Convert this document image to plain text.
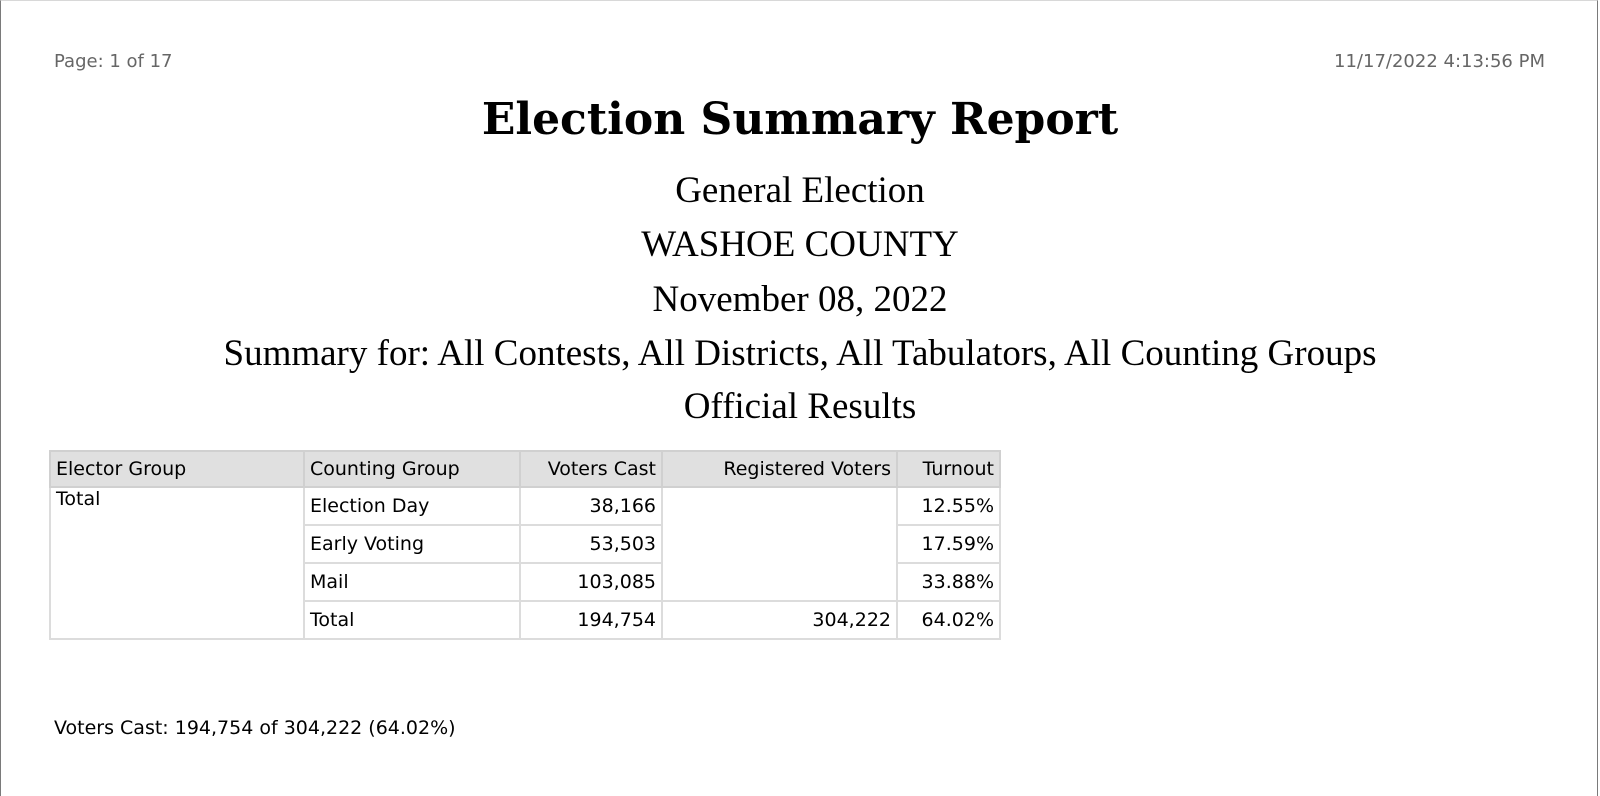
Page: 1 of 17	11/17/2022 4:13:56 PM
Election Summary Report
General Election
WASHOE COUNTY
November 08, 2022
Summary for: All Contests, All Districts, All Tabulators, All Counting Groups
Official Results
Elector Group	Counting Group	Voters Cast	Registered Voters	Turnout
Total	Election Day	38,166		12.55%
	Early Voting	53,503		17.59%
	Mail	103,085		33.88%
	Total	194,754	304,222	64.02%
Voters Cast: 194,754 of 304,222 (64.02%)
